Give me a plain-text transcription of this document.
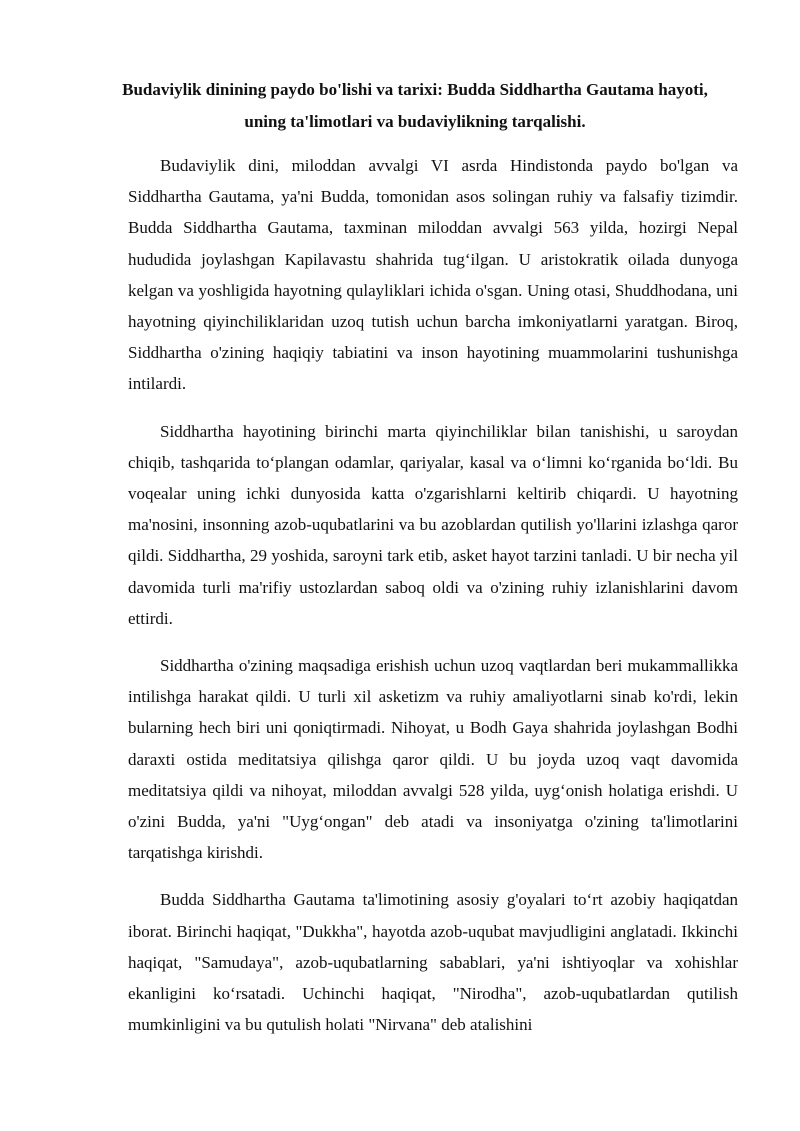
Budaviylik dinining paydo bo'lishi va tarixi: Budda Siddhartha Gautama hayoti, uning ta'limotlari va budaviylikning tarqalishi.

Budaviylik dini, miloddan avvalgi VI asrda Hindistonda paydo bo'lgan va Siddhartha Gautama, ya'ni Budda, tomonidan asos solingan ruhiy va falsafiy tizimdir. Budda Siddhartha Gautama, taxminan miloddan avvalgi 563 yilda, hozirgi Nepal hududida joylashgan Kapilavastu shahrida tug‘ilgan. U aristokratik oilada dunyoga kelgan va yoshligida hayotning qulayliklari ichida o'sgan. Uning otasi, Shuddhodana, uni hayotning qiyinchiliklaridan uzoq tutish uchun barcha imkoniyatlarni yaratgan. Biroq, Siddhartha o'zining haqiqiy tabiatini va inson hayotining muammolarini tushunishga intilardi.

Siddhartha hayotining birinchi marta qiyinchiliklar bilan tanishishi, u saroydan chiqib, tashqarida to‘plangan odamlar, qariyalar, kasal va o‘limni ko‘rganida bo‘ldi. Bu voqealar uning ichki dunyosida katta o'zgarishlarni keltirib chiqardi. U hayotning ma'nosini, insonning azob-uqubatlarini va bu azoblardan qutilish yo'llarini izlashga qaror qildi. Siddhartha, 29 yoshida, saroyni tark etib, asket hayot tarzini tanladi. U bir necha yil davomida turli ma'rifiy ustozlardan saboq oldi va o'zining ruhiy izlanishlarini davom ettirdi.

Siddhartha o'zining maqsadiga erishish uchun uzoq vaqtlardan beri mukammallikka intilishga harakat qildi. U turli xil asketizm va ruhiy amaliyotlarni sinab ko'rdi, lekin bularning hech biri uni qoniqtirmadi. Nihoyat, u Bodh Gaya shahrida joylashgan Bodhi daraxti ostida meditatsiya qilishga qaror qildi. U bu joyda uzoq vaqt davomida meditatsiya qildi va nihoyat, miloddan avvalgi 528 yilda, uyg‘onish holatiga erishdi. U o'zini Budda, ya'ni "Uyg‘ongan" deb atadi va insoniyatga o'zining ta'limotlarini tarqatishga kirishdi.

Budda Siddhartha Gautama ta'limotining asosiy g'oyalari to‘rt azobiy haqiqatdan iborat. Birinchi haqiqat, "Dukkha", hayotda azob-uqubat mavjudligini anglatadi. Ikkinchi haqiqat, "Samudaya", azob-uqubatlarning sabablari, ya'ni ishtiyoqlar va xohishlar ekanligini ko‘rsatadi. Uchinchi haqiqat, "Nirodha", azob-uqubatlardan qutilish mumkinligini va bu qutulish holati "Nirvana" deb atalishini
